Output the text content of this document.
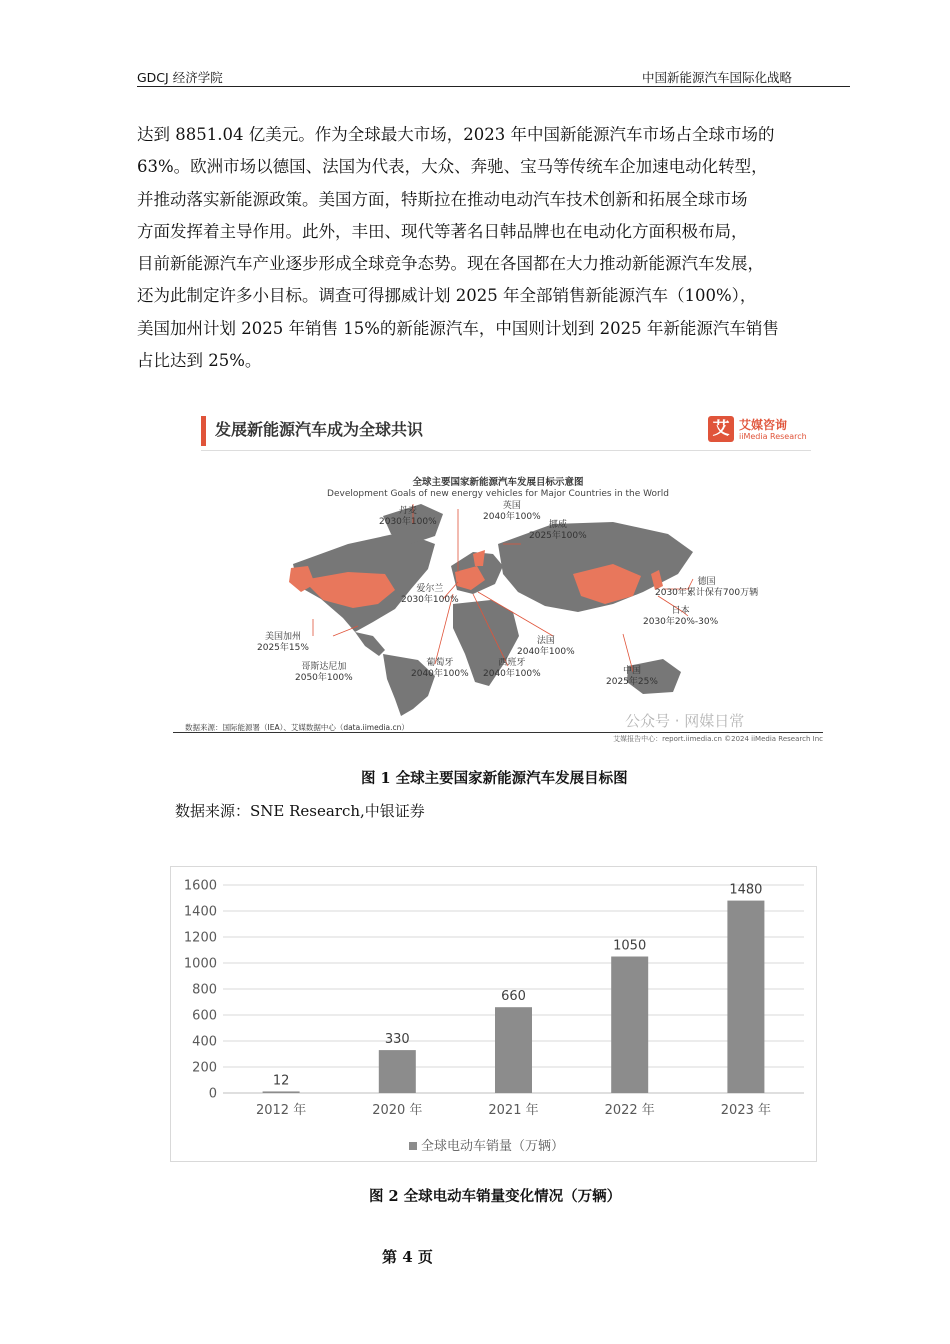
GDCJ 经济学院	中国新能源汽车国际化战略

达到 8851.04 亿美元。作为全球最大市场，2023 年中国新能源汽车市场占全球市场的

63%。欧洲市场以德国、法国为代表，大众、奔驰、宝马等传统车企加速电动化转型，

并推动落实新能源政策。美国方面，特斯拉在推动电动汽车技术创新和拓展全球市场

方面发挥着主导作用。此外，丰田、现代等著名日韩品牌也在电动化方面积极布局，

目前新能源汽车产业逐步形成全球竞争态势。现在各国都在大力推动新能源汽车发展，

还为此制定许多小目标。调查可得挪威计划 2025 年全部销售新能源汽车（100%），

美国加州计划 2025 年销售 15%的新能源汽车，中国则计划到 2025 年新能源汽车销售

占比达到 25%。

发展新能源汽车成为全球共识	艾 艾媒咨询
iiMedia Research
全球主要国家新能源汽车发展目标示意图
Development Goals of new energy vehicles for Major Countries in the World
丹麦
2030年100%
英国
2040年100%
挪威
2025年100%
爱尔兰
2030年100%
德国
2030年累计保有700万辆
日本
2030年20%-30%
美国加州
2025年15%
哥斯达尼加
2050年100%
葡萄牙
2040年100%
西班牙
2040年100%
法国
2040年100%
中国
2025年25%
公众号 · 网媒日常
数据来源：国际能源署（IEA）、艾媒数据中心（data.iimedia.cn）
艾媒报告中心：report.iimedia.cn ©2024 iiMedia Research Inc
图 1 全球主要国家新能源汽车发展目标图
数据来源：SNE Research,中银证券
0
200
400
600
800
1000
1200
1400
1600
12
2012 年
330
2020 年
660
2021 年
1050
2022 年
1480
2023 年
全球电动车销量（万辆）
图 2 全球电动车销量变化情况（万辆）
第 4 页
